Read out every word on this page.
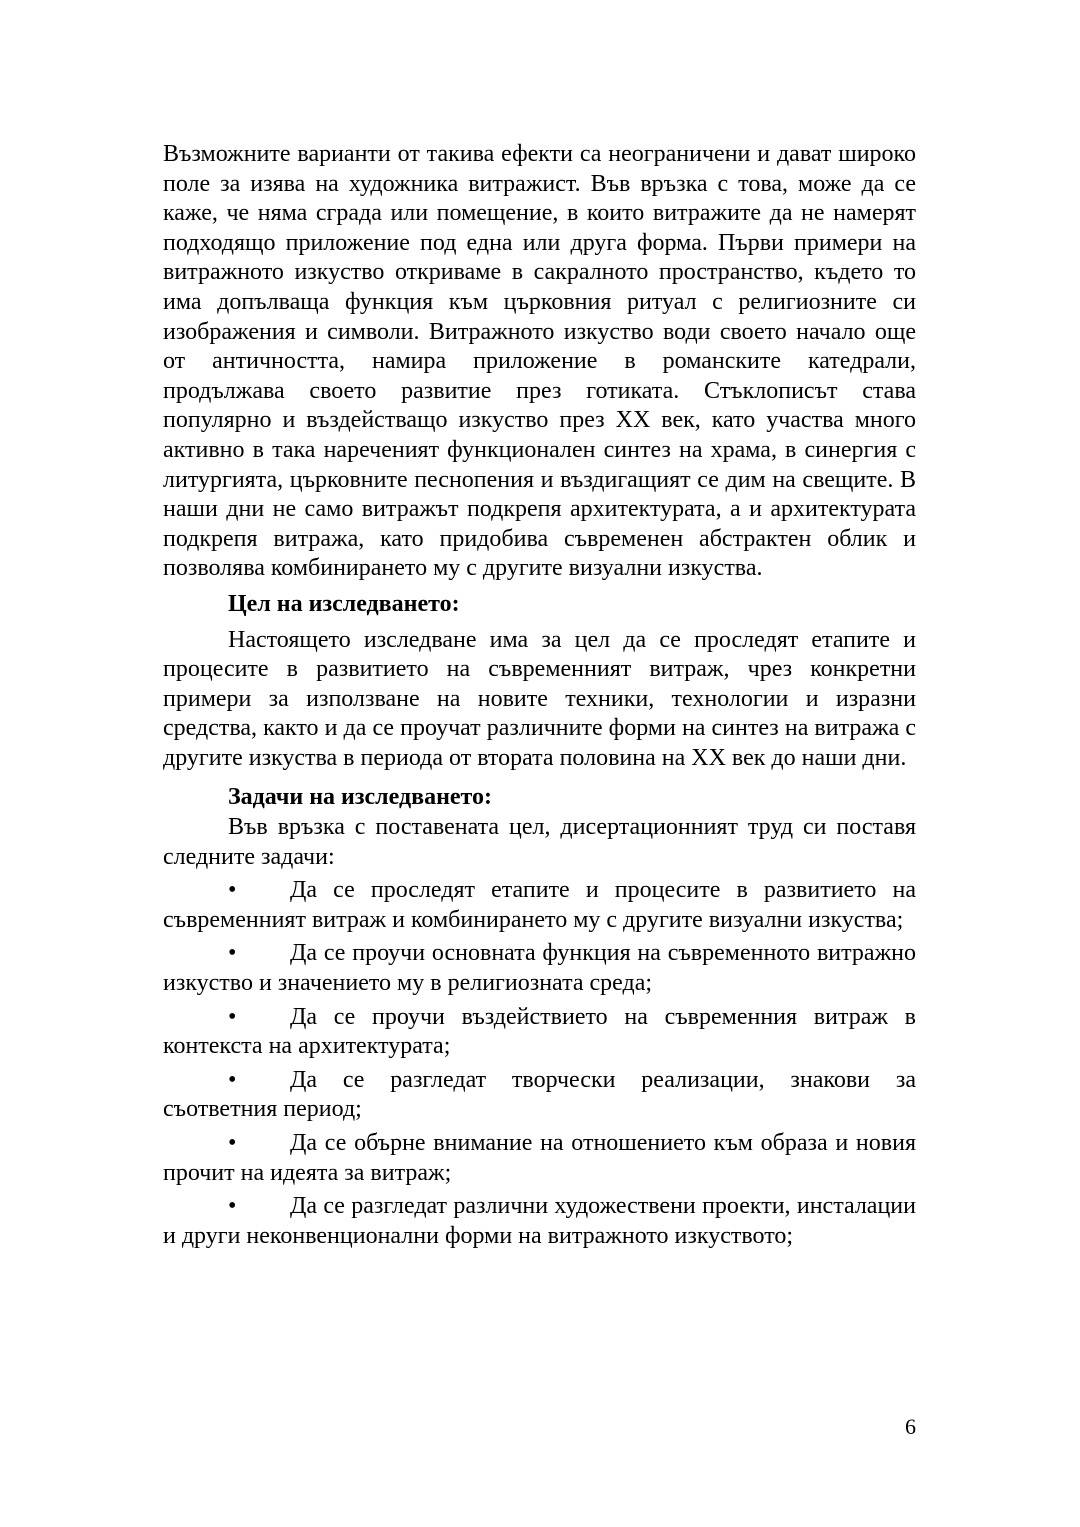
Възможните варианти от такива ефекти са неограничени и дават широко поле за изява на художника витражист. Във връзка с това, може да се каже, че няма сграда или помещение, в които витражите да не намерят подходящо приложение под една или друга форма. Първи примери на витражното изкуство откриваме в сакралното пространство, където то има допълваща функция към църковния ритуал с религиозните си изображения и символи. Витражното изкуство води своето начало още от античността, намира приложение в романските катедрали, продължава своето развитие през готиката. Стъклописът става популярно и въздействащо изкуство през XX век, като участва много активно в така нареченият функционален синтез на храма, в синергия с литургията, църковните песнопения и въздигащият се дим на свещите. В наши дни не само витражът подкрепя архитектурата, а и архитектурата подкрепя витража, като придобива съвременен абстрактен облик и позволява комбинирането му с другите визуални изкуства.

Цел на изследването:

Настоящето изследване има за цел да се проследят етапите и процесите в развитието на съвременният витраж, чрез конкретни примери за използване на новите техники, технологии и изразни средства, както и да се проучат различните форми на синтез на витража с другите изкуства в периода от втората половина на XX век до наши дни.

Задачи на изследването:

Във връзка с поставената цел, дисертационният труд си поставя следните задачи:

• Да се проследят етапите и процесите в развитието на съвременният витраж и комбинирането му с другите визуални изкуства;

• Да се проучи основната функция на съвременното витражно изкуство и значението му в религиозната среда;

• Да се проучи въздействието на съвременния витраж в контекста на архитектурата;

• Да се разгледат творчески реализации, знакови за съответния период;

• Да се обърне внимание на отношението към образа и новия прочит на идеята за витраж;

• Да се разгледат различни художествени проекти, инсталации и други неконвенционални форми на витражното изкуството;

6
